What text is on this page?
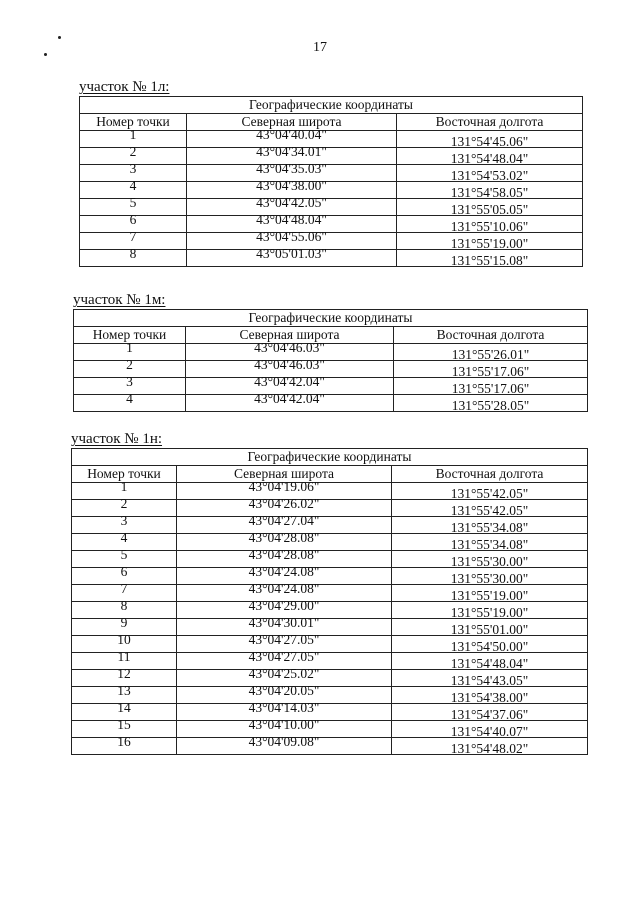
17
участок № 1л:
Географические координаты		
Номер точки	Северная широта	Восточная долгота
1	43°04'40.04"	131°54'45.06"
2	43°04'34.01"	131°54'48.04"
3	43°04'35.03"	131°54'53.02"
4	43°04'38.00"	131°54'58.05"
5	43°04'42.05"	131°55'05.05"
6	43°04'48.04"	131°55'10.06"
7	43°04'55.06"	131°55'19.00"
8	43°05'01.03"	131°55'15.08"
участок № 1м:
Географические координаты		
Номер точки	Северная широта	Восточная долгота
1	43°04'46.03"	131°55'26.01"
2	43°04'46.03"	131°55'17.06"
3	43°04'42.04"	131°55'17.06"
4	43°04'42.04"	131°55'28.05"
участок № 1н:
Географические координаты		
Номер точки	Северная широта	Восточная долгота
1	43°04'19.06"	131°55'42.05"
2	43°04'26.02"	131°55'42.05"
3	43°04'27.04"	131°55'34.08"
4	43°04'28.08"	131°55'34.08"
5	43°04'28.08"	131°55'30.00"
6	43°04'24.08"	131°55'30.00"
7	43°04'24.08"	131°55'19.00"
8	43°04'29.00"	131°55'19.00"
9	43°04'30.01"	131°55'01.00"
10	43°04'27.05"	131°54'50.00"
11	43°04'27.05"	131°54'48.04"
12	43°04'25.02"	131°54'43.05"
13	43°04'20.05"	131°54'38.00"
14	43°04'14.03"	131°54'37.06"
15	43°04'10.00"	131°54'40.07"
16	43°04'09.08"	131°54'48.02"
